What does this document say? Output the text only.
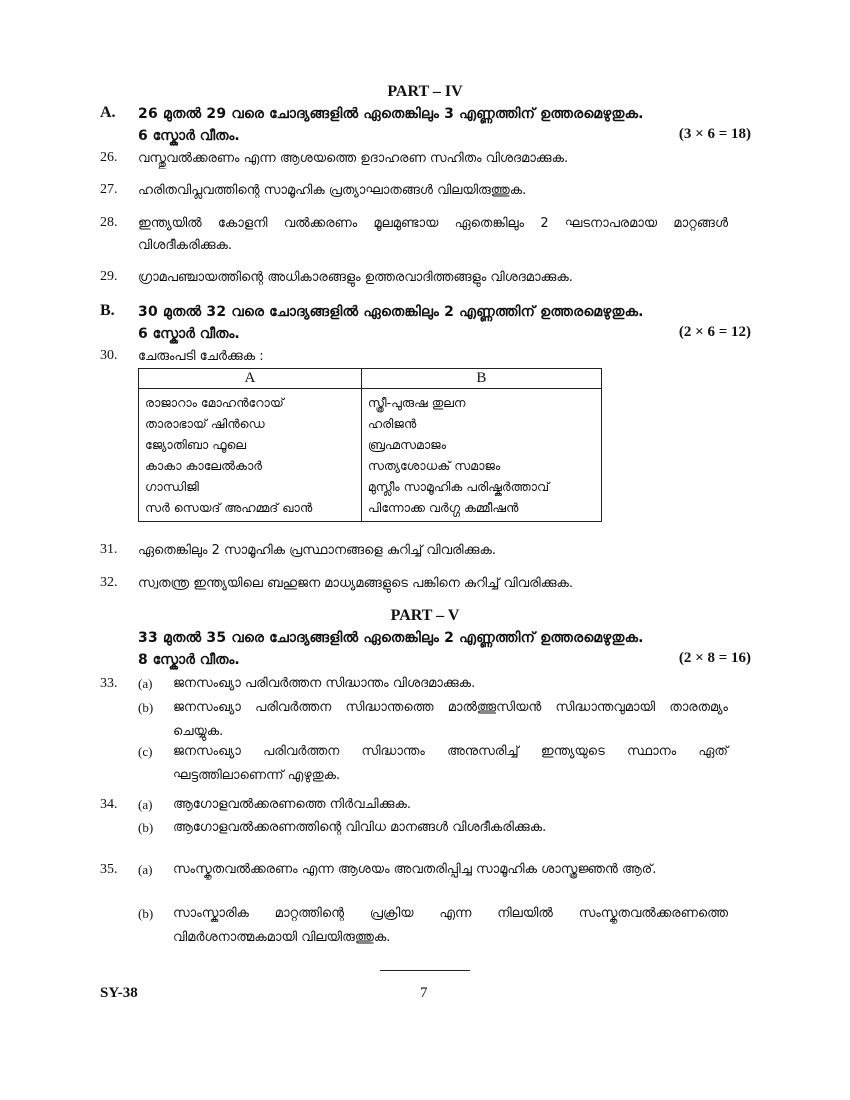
PART – IV
A. 26 മുതൽ 29 വരെ ചോദ്യങ്ങളിൽ ഏതെങ്കിലും 3 എണ്ണത്തിന് ഉത്തരമെഴുതുക.
6 സ്കോർ വീതം.	(3 × 6 = 18)
26. വസ്തുവൽക്കരണം എന്ന ആശയത്തെ ഉദാഹരണ സഹിതം വിശദമാക്കുക.
27. ഹരിതവിപ്ലവത്തിന്റെ സാമൂഹിക പ്രത്യാഘാതങ്ങൾ വിലയിരുത്തുക.
28. ഇന്ത്യയിൽ കോളനി വൽക്കരണം മൂലമുണ്ടായ ഏതെങ്കിലും 2 ഘടനാപരമായ മാറ്റങ്ങൾ വിശദീകരിക്കുക.
29. ഗ്രാമപഞ്ചായത്തിന്റെ അധികാരങ്ങളും ഉത്തരവാദിത്തങ്ങളും വിശദമാക്കുക.
B. 30 മുതൽ 32 വരെ ചോദ്യങ്ങളിൽ ഏതെങ്കിലും 2 എണ്ണത്തിന് ഉത്തരമെഴുതുക.
6 സ്കോർ വീതം.	(2 × 6 = 12)
30. ചേരുംപടി ചേർക്കുക :
A	B
രാജാറാം മോഹൻറോയ്	സ്ത്രീ-പുരുഷ തുലന
താരാഭായ് ഷിൻഡെ	ഹരിജൻ
ജ്യോതിബാ ഫൂലെ	ബ്രഹ്മസമാജം
കാകാ കാലേൽകാർ	സത്യശോധക് സമാജം
ഗാന്ധിജി	മുസ്ലീം സാമൂഹിക പരിഷ്കർത്താവ്
സർ സെയദ് അഹമ്മദ് ഖാൻ	പിന്നോക്ക വർഗ്ഗ കമ്മീഷൻ
31. ഏതെങ്കിലും 2 സാമൂഹിക പ്രസ്ഥാനങ്ങളെ കുറിച്ച് വിവരിക്കുക.
32. സ്വതന്ത്ര ഇന്ത്യയിലെ ബഹുജന മാധ്യമങ്ങളുടെ പങ്കിനെ കുറിച്ച് വിവരിക്കുക.
PART – V
33 മുതൽ 35 വരെ ചോദ്യങ്ങളിൽ ഏതെങ്കിലും 2 എണ്ണത്തിന് ഉത്തരമെഴുതുക.
8 സ്കോർ വീതം.	(2 × 8 = 16)
33. (a) ജനസംഖ്യാ പരിവർത്തന സിദ്ധാന്തം വിശദമാക്കുക.
(b) ജനസംഖ്യാ പരിവർത്തന സിദ്ധാന്തത്തെ മാൽത്തൂസിയൻ സിദ്ധാന്തവുമായി താരതമ്യം ചെയ്യുക.
(c) ജനസംഖ്യാ പരിവർത്തന സിദ്ധാന്തം അനുസരിച്ച് ഇന്ത്യയുടെ സ്ഥാനം ഏത് ഘട്ടത്തിലാണെന്ന് എഴുതുക.
34. (a) ആഗോളവൽക്കരണത്തെ നിർവചിക്കുക.
(b) ആഗോളവൽക്കരണത്തിന്റെ വിവിധ മാനങ്ങൾ വിശദീകരിക്കുക.
35. (a) സംസ്കൃതവൽക്കരണം എന്ന ആശയം അവതരിപ്പിച്ച സാമൂഹിക ശാസ്ത്രജ്ഞൻ ആര്.
(b) സാംസ്കാരിക മാറ്റത്തിന്റെ പ്രക്രിയ എന്ന നിലയിൽ സംസ്കൃതവൽക്കരണത്തെ വിമർശനാത്മകമായി വിലയിരുത്തുക.
SY-38	7
